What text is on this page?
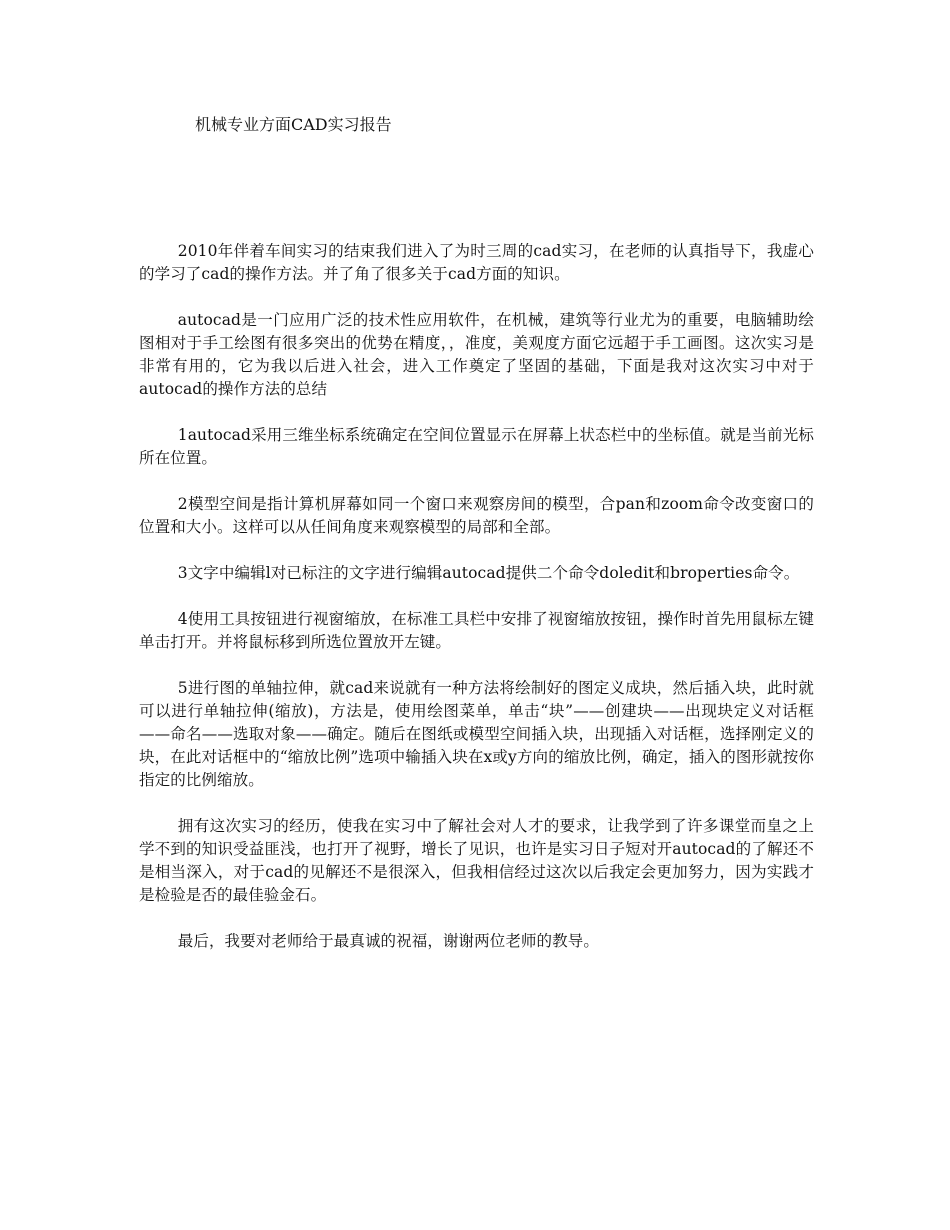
机械专业方面CAD实习报告

2010年伴着车间实习的结束我们进入了为时三周的cad实习，在老师的认真指导下，我虚心的学习了cad的操作方法。并了角了很多关于cad方面的知识。

autocad是一门应用广泛的技术性应用软件，在机械，建筑等行业尤为的重要，电脑辅助绘图相对于手工绘图有很多突出的优势在精度，，准度，美观度方面它远超于手工画图。这次实习是非常有用的，它为我以后进入社会，进入工作奠定了坚固的基础，下面是我对这次实习中对于autocad的操作方法的总结

1autocad采用三维坐标系统确定在空间位置显示在屏幕上状态栏中的坐标值。就是当前光标所在位置。

2模型空间是指计算机屏幕如同一个窗口来观察房间的模型，合pan和zoom命令改变窗口的位置和大小。这样可以从任间角度来观察模型的局部和全部。

3文字中编辑l对已标注的文字进行编辑autocad提供二个命令doledit和broperties命令。

4使用工具按钮进行视窗缩放，在标准工具栏中安排了视窗缩放按钮，操作时首先用鼠标左键单击打开。并将鼠标移到所选位置放开左键。

5进行图的单轴拉伸，就cad来说就有一种方法将绘制好的图定义成块，然后插入块，此时就可以进行单轴拉伸(缩放)，方法是，使用绘图菜单，单击“块”——创建块——出现块定义对话框——命名——选取对象——确定。随后在图纸或模型空间插入块，出现插入对话框，选择刚定义的块，在此对话框中的“缩放比例”选项中输插入块在x或y方向的缩放比例，确定，插入的图形就按你指定的比例缩放。

拥有这次实习的经历，使我在实习中了解社会对人才的要求，让我学到了许多课堂而皇之上学不到的知识受益匪浅，也打开了视野，增长了见识，也许是实习日子短对开autocad的了解还不是相当深入，对于cad的见解还不是很深入，但我相信经过这次以后我定会更加努力，因为实践才是检验是否的最佳验金石。

最后，我要对老师给于最真诚的祝福，谢谢两位老师的教导。
